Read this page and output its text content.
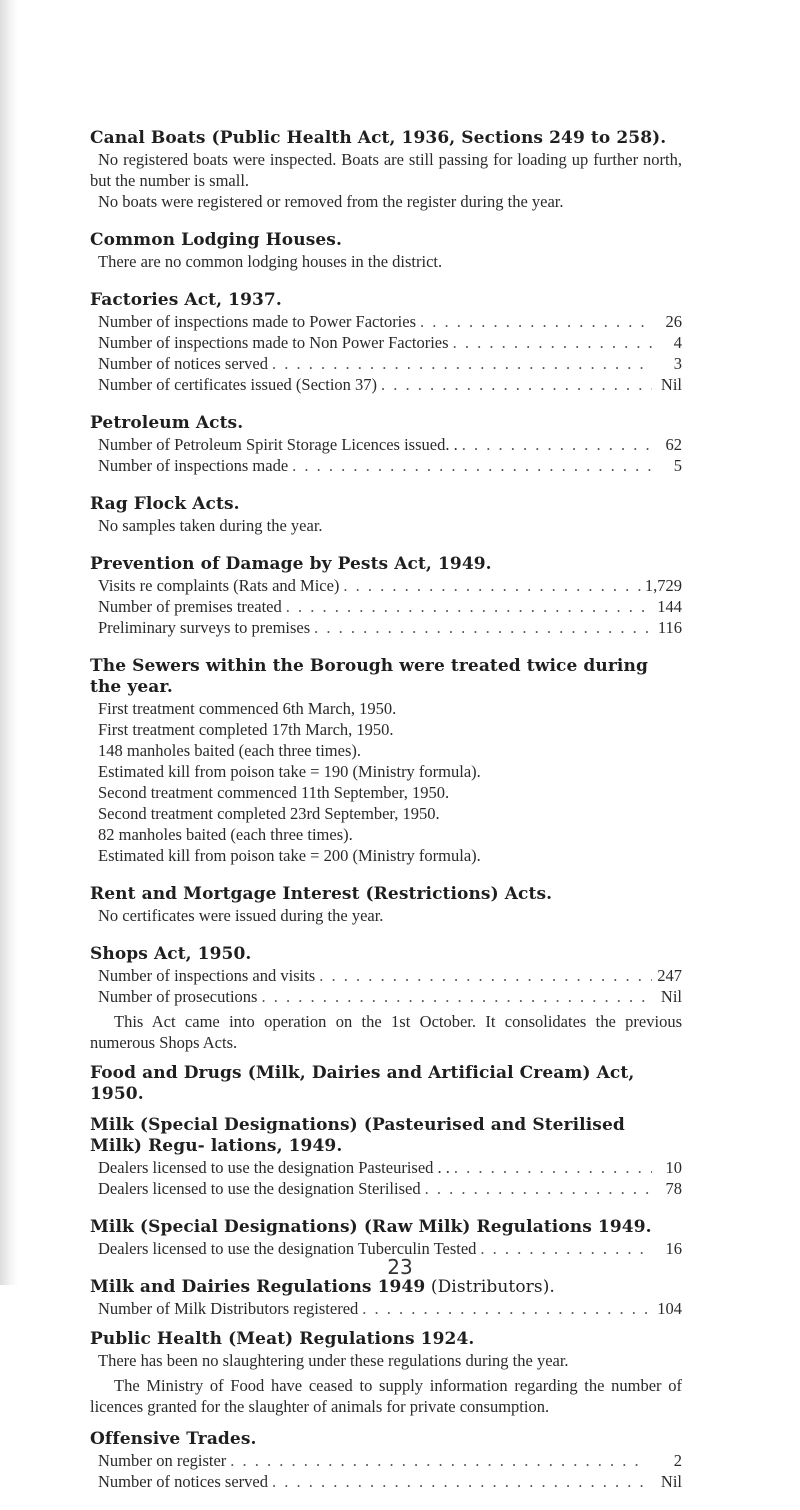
Canal Boats (Public Health Act, 1936, Sections 249 to 258).
No registered boats were inspected. Boats are still passing for loading up further north, but the number is small.
No boats were registered or removed from the register during the year.
Common Lodging Houses.
There are no common lodging houses in the district.
Factories Act, 1937.
Number of inspections made to Power Factories . .	26
Number of inspections made to Non Power Factories . .	4
Number of notices served . .	3
Number of certificates issued (Section 37) . .	Nil
Petroleum Acts.
Number of Petroleum Spirit Storage Licences issued. . . .	62
Number of inspections made . .	5
Rag Flock Acts.
No samples taken during the year.
Prevention of Damage by Pests Act, 1949.
Visits re complaints (Rats and Mice) . .	1,729
Number of premises treated . .	144
Preliminary surveys to premises . .	116
The Sewers within the Borough were treated twice during the year.
First treatment commenced 6th March, 1950.
First treatment completed 17th March, 1950.
148 manholes baited (each three times).
Estimated kill from poison take = 190 (Ministry formula).
Second treatment commenced 11th September, 1950.
Second treatment completed 23rd September, 1950.
82 manholes baited (each three times).
Estimated kill from poison take = 200 (Ministry formula).
Rent and Mortgage Interest (Restrictions) Acts.
No certificates were issued during the year.
Shops Act, 1950.
Number of inspections and visits . .	247
Number of prosecutions . .	Nil
This Act came into operation on the 1st October. It consolidates the previous numerous Shops Acts.
Food and Drugs (Milk, Dairies and Artificial Cream) Act, 1950.
Milk (Special Designations) (Pasteurised and Sterilised Milk) Regu- lations, 1949.
Dealers licensed to use the designation Pasteurised . . . .	10
Dealers licensed to use the designation Sterilised . .	78
Milk (Special Designations) (Raw Milk) Regulations 1949.
Dealers licensed to use the designation Tuberculin Tested . .	16
Milk and Dairies Regulations 1949 (Distributors).
Number of Milk Distributors registered . .	104
Public Health (Meat) Regulations 1924.
There has been no slaughtering under these regulations during the year.
The Ministry of Food have ceased to supply information regarding the number of licences granted for the slaughter of animals for private consumption.
Offensive Trades.
Number on register . .	2
Number of notices served . .	Nil
23
